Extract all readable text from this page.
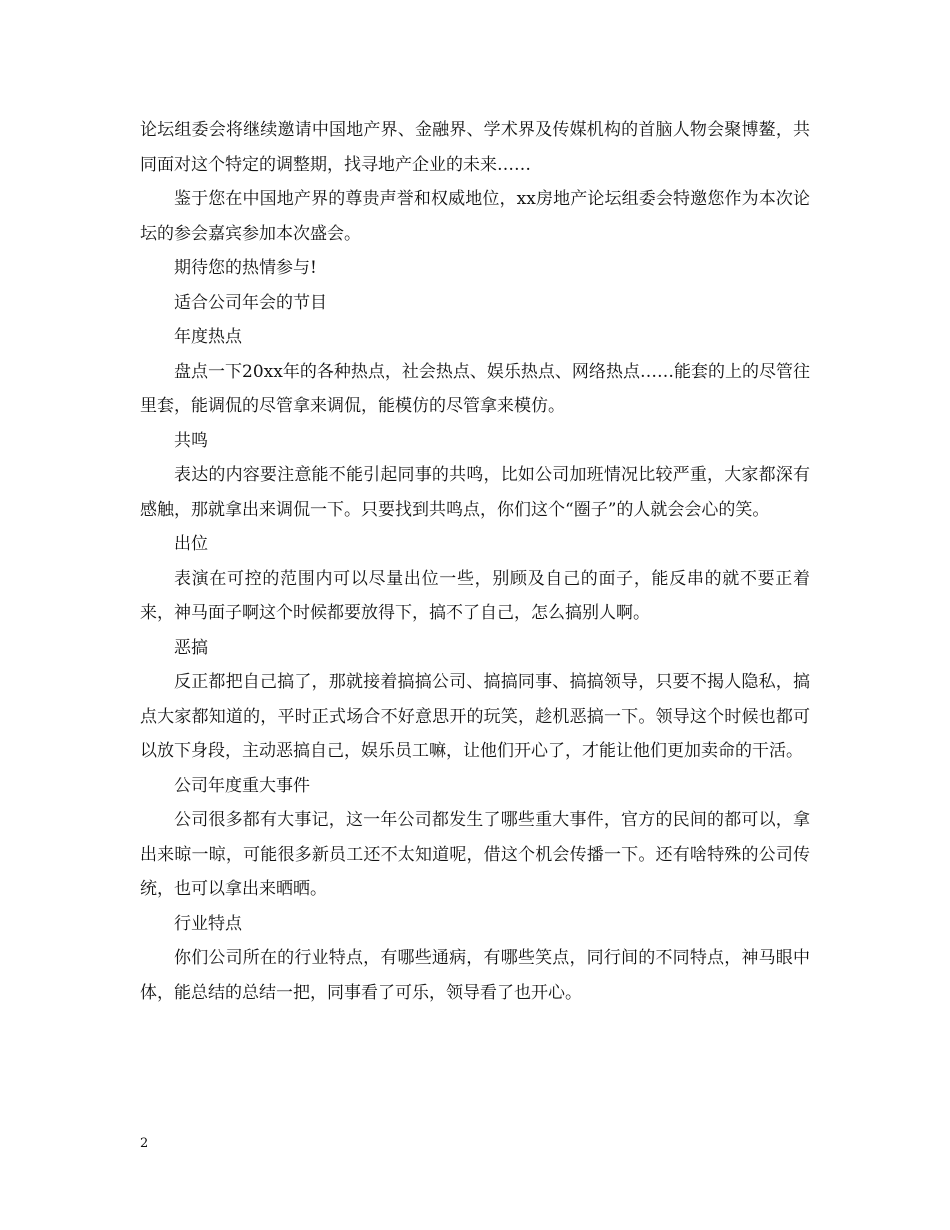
论坛组委会将继续邀请中国地产界、金融界、学术界及传媒机构的首脑人物会聚博鳌，共同面对这个特定的调整期，找寻地产企业的未来……

鉴于您在中国地产界的尊贵声誉和权威地位，xx房地产论坛组委会特邀您作为本次论坛的参会嘉宾参加本次盛会。

期待您的热情参与!

适合公司年会的节目

年度热点

盘点一下20xx年的各种热点，社会热点、娱乐热点、网络热点……能套的上的尽管往里套，能调侃的尽管拿来调侃，能模仿的尽管拿来模仿。

共鸣

表达的内容要注意能不能引起同事的共鸣，比如公司加班情况比较严重，大家都深有感触，那就拿出来调侃一下。只要找到共鸣点，你们这个“圈子”的人就会会心的笑。

出位

表演在可控的范围内可以尽量出位一些，别顾及自己的面子，能反串的就不要正着来，神马面子啊这个时候都要放得下，搞不了自己，怎么搞别人啊。

恶搞

反正都把自己搞了，那就接着搞搞公司、搞搞同事、搞搞领导，只要不揭人隐私，搞点大家都知道的，平时正式场合不好意思开的玩笑，趁机恶搞一下。领导这个时候也都可以放下身段，主动恶搞自己，娱乐员工嘛，让他们开心了，才能让他们更加卖命的干活。

公司年度重大事件

公司很多都有大事记，这一年公司都发生了哪些重大事件，官方的民间的都可以，拿出来晾一晾，可能很多新员工还不太知道呢，借这个机会传播一下。还有啥特殊的公司传统，也可以拿出来晒晒。

行业特点

你们公司所在的行业特点，有哪些通病，有哪些笑点，同行间的不同特点，神马眼中体，能总结的总结一把，同事看了可乐，领导看了也开心。

2
